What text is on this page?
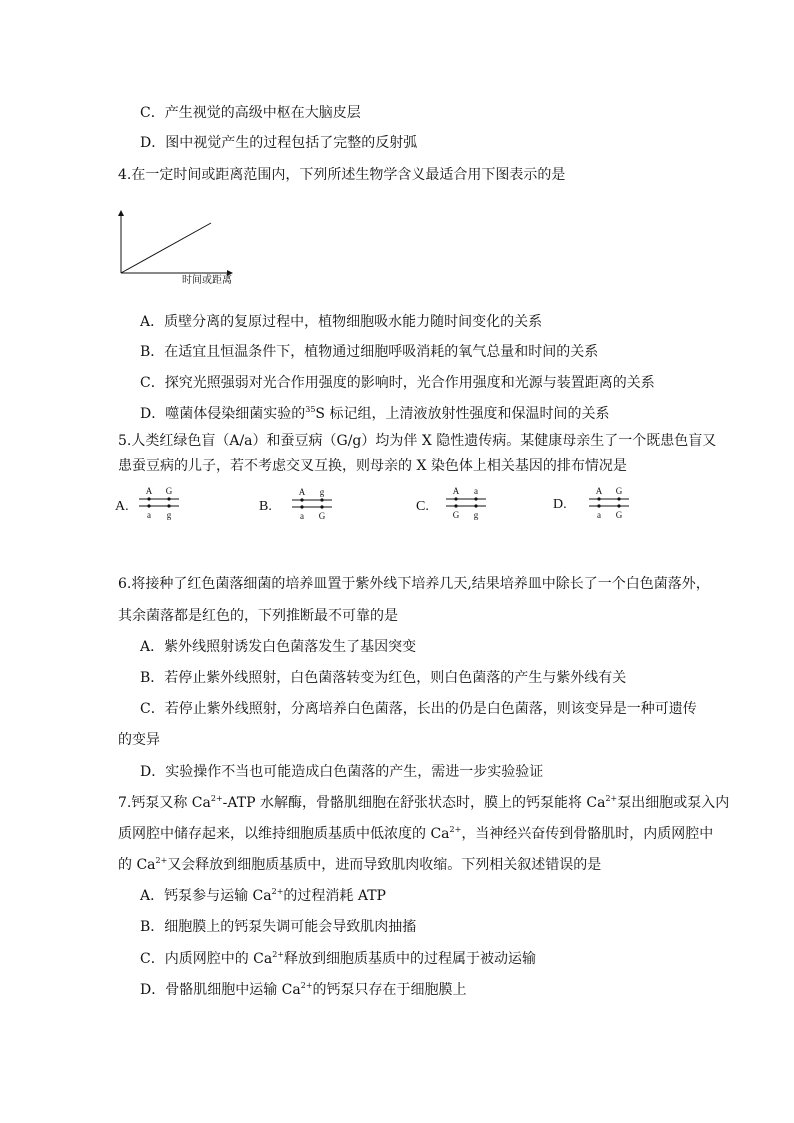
C．产生视觉的高级中枢在大脑皮层
D．图中视觉产生的过程包括了完整的反射弧
4.在一定时间或距离范围内，下列所述生物学含义最适合用下图表示的是
时间或距离
A．质壁分离的复原过程中，植物细胞吸水能力随时间变化的关系
B．在适宜且恒温条件下，植物通过细胞呼吸消耗的氧气总量和时间的关系
C．探究光照强弱对光合作用强度的影响时，光合作用强度和光源与装置距离的关系
D．噬菌体侵染细菌实验的$^{35}$S 标记组，上清液放射性强度和保温时间的关系
5.人类红绿色盲（A/a）和蚕豆病（G/g）均为伴 X 隐性遗传病。某健康母亲生了一个既患色盲又
患蚕豆病的儿子，若不考虑交叉互换，则母亲的 X 染色体上相关基因的排布情况是
A.
A G
a	g
B.
A	g
a	G
C.
A	a
G	g
D.
A G
a	G
6.将接种了红色菌落细菌的培养皿置于紫外线下培养几天,结果培养皿中除长了一个白色菌落外，
其余菌落都是红色的，下列推断最不可靠的是
A．紫外线照射诱发白色菌落发生了基因突变
B．若停止紫外线照射，白色菌落转变为红色，则白色菌落的产生与紫外线有关
C．若停止紫外线照射，分离培养白色菌落，长出的仍是白色菌落，则该变异是一种可遗传
的变异
D．实验操作不当也可能造成白色菌落的产生，需进一步实验验证
7.钙泵又称 $Ca^{2+}$-ATP 水解酶，骨骼肌细胞在舒张状态时，膜上的钙泵能将 $Ca^{2+}$泵出细胞或泵入内
质网腔中储存起来，以维持细胞质基质中低浓度的 $Ca^{2+}$，当神经兴奋传到骨骼肌时，内质网腔中
的 $Ca^{2+}$又会释放到细胞质基质中，进而导致肌肉收缩。下列相关叙述错误的是
A．钙泵参与运输 $Ca^{2+}$的过程消耗 ATP
B．细胞膜上的钙泵失调可能会导致肌肉抽搐
C．内质网腔中的 $Ca^{2+}$释放到细胞质基质中的过程属于被动运输
D．骨骼肌细胞中运输 $Ca^{2+}$的钙泵只存在于细胞膜上
